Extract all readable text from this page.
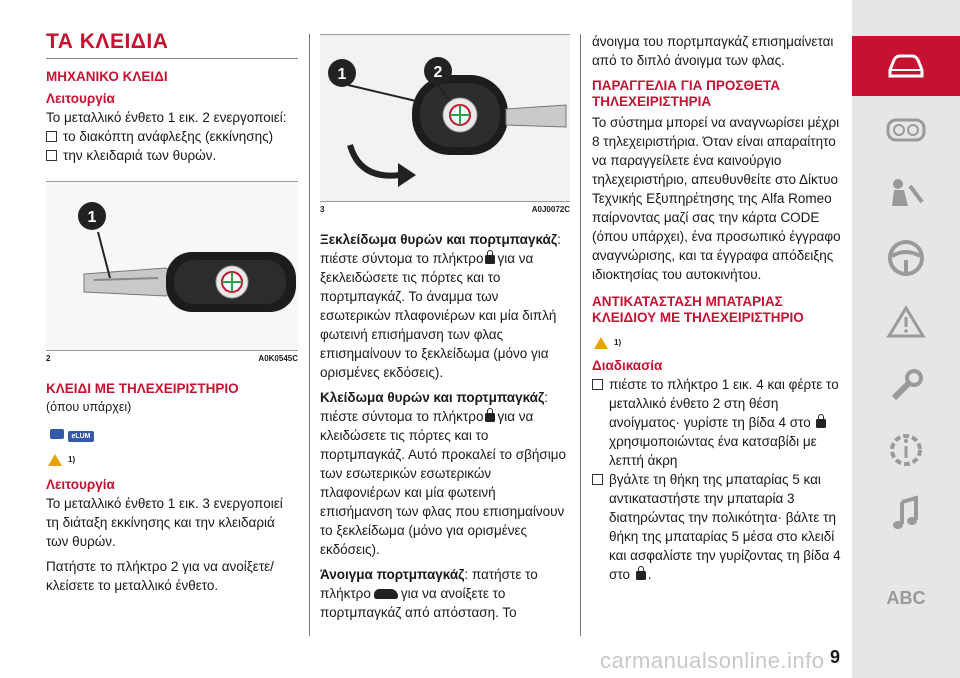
ΤΑ ΚΛΕΙΔΙΑ
ΜΗΧΑΝΙΚΟ ΚΛΕΙΔΙ
Λειτουργία

Το μεταλλικό ένθετο 1 εικ. 2 ενεργοποιεί:

το διακόπτη ανάφλεξης (εκκίνησης)
την κλειδαριά των θυρών.
1
2	A0K0545C
ΚΛΕΙΔΙ ΜΕ ΤΗΛΕΧΕΙΡΙΣΤΗΡΙΟ

(όπου υπάρχει)

eLUM
1)
Λειτουργία

Το μεταλλικό ένθετο 1 εικ. 3 ενεργοποιεί τη διάταξη εκκίνησης και την κλειδαριά των θυρών.

Πατήστε το πλήκτρο 2 για να ανοίξετε/κλείσετε το μεταλλικό ένθετο.

1	2
3	A0J0072C

Ξεκλείδωμα θυρών και πορτμπαγκάζ: πιέστε σύντομα το πλήκτρο για να ξεκλειδώσετε τις πόρτες και το πορτμπαγκάζ. Το άναμμα των εσωτερικών πλαφονιέρων και μία διπλή φωτεινή επισήμανση των φλας επισημαίνουν το ξεκλείδωμα (μόνο για ορισμένες εκδόσεις).

Κλείδωμα θυρών και πορτμπαγκάζ: πιέστε σύντομα το πλήκτρο για να κλειδώσετε τις πόρτες και το πορτμπαγκάζ. Αυτό προκαλεί το σβήσιμο των εσωτερικών εσωτερικών πλαφονιέρων και μία φωτεινή επισήμανση των φλας που επισημαίνουν το ξεκλείδωμα (μόνο για ορισμένες εκδόσεις).

Άνοιγμα πορτμπαγκάζ: πατήστε το πλήκτρο για να ανοίξετε το πορτμπαγκάζ από απόσταση. Το

άνοιγμα του πορτμπαγκάζ επισημαίνεται από το διπλό άνοιγμα των φλας.

ΠΑΡΑΓΓΕΛΙΑ ΓΙΑ ΠΡΟΣΘΕΤΑ ΤΗΛΕΧΕΙΡΙΣΤΗΡΙΑ

Το σύστημα μπορεί να αναγνωρίσει μέχρι 8 τηλεχειριστήρια. Όταν είναι απαραίτητο να παραγγείλετε ένα καινούργιο τηλεχειριστήριο, απευθυνθείτε στο Δίκτυο Τεχνικής Εξυπηρέτησης της Alfa Romeo παίρνοντας μαζί σας την κάρτα CODE (όπου υπάρχει), ένα προσωπικό έγγραφο αναγνώρισης, και τα έγγραφα απόδειξης ιδιοκτησίας του αυτοκινήτου.

ΑΝΤΙΚΑΤΑΣΤΑΣΗ ΜΠΑΤΑΡΙΑΣ ΚΛΕΙΔΙΟΥ ΜΕ ΤΗΛΕΧΕΙΡΙΣΤΗΡΙΟ
1)
Διαδικασία
πιέστε το πλήκτρο 1 εικ. 4 και φέρτε το μεταλλικό ένθετο 2 στη θέση ανοίγματος· γυρίστε τη βίδα 4 στο  χρησιμοποιώντας ένα κατσαβίδι με λεπτή άκρη
βγάλτε τη θήκη της μπαταρίας 5 και αντικαταστήστε την μπαταρία 3 διατηρώντας την πολικότητα· βάλτε τη θήκη της μπαταρίας 5 μέσα στο κλειδί και ασφαλίστε την γυρίζοντας τη βίδα 4 στο .
ABC
9
carmanualsonline.info
